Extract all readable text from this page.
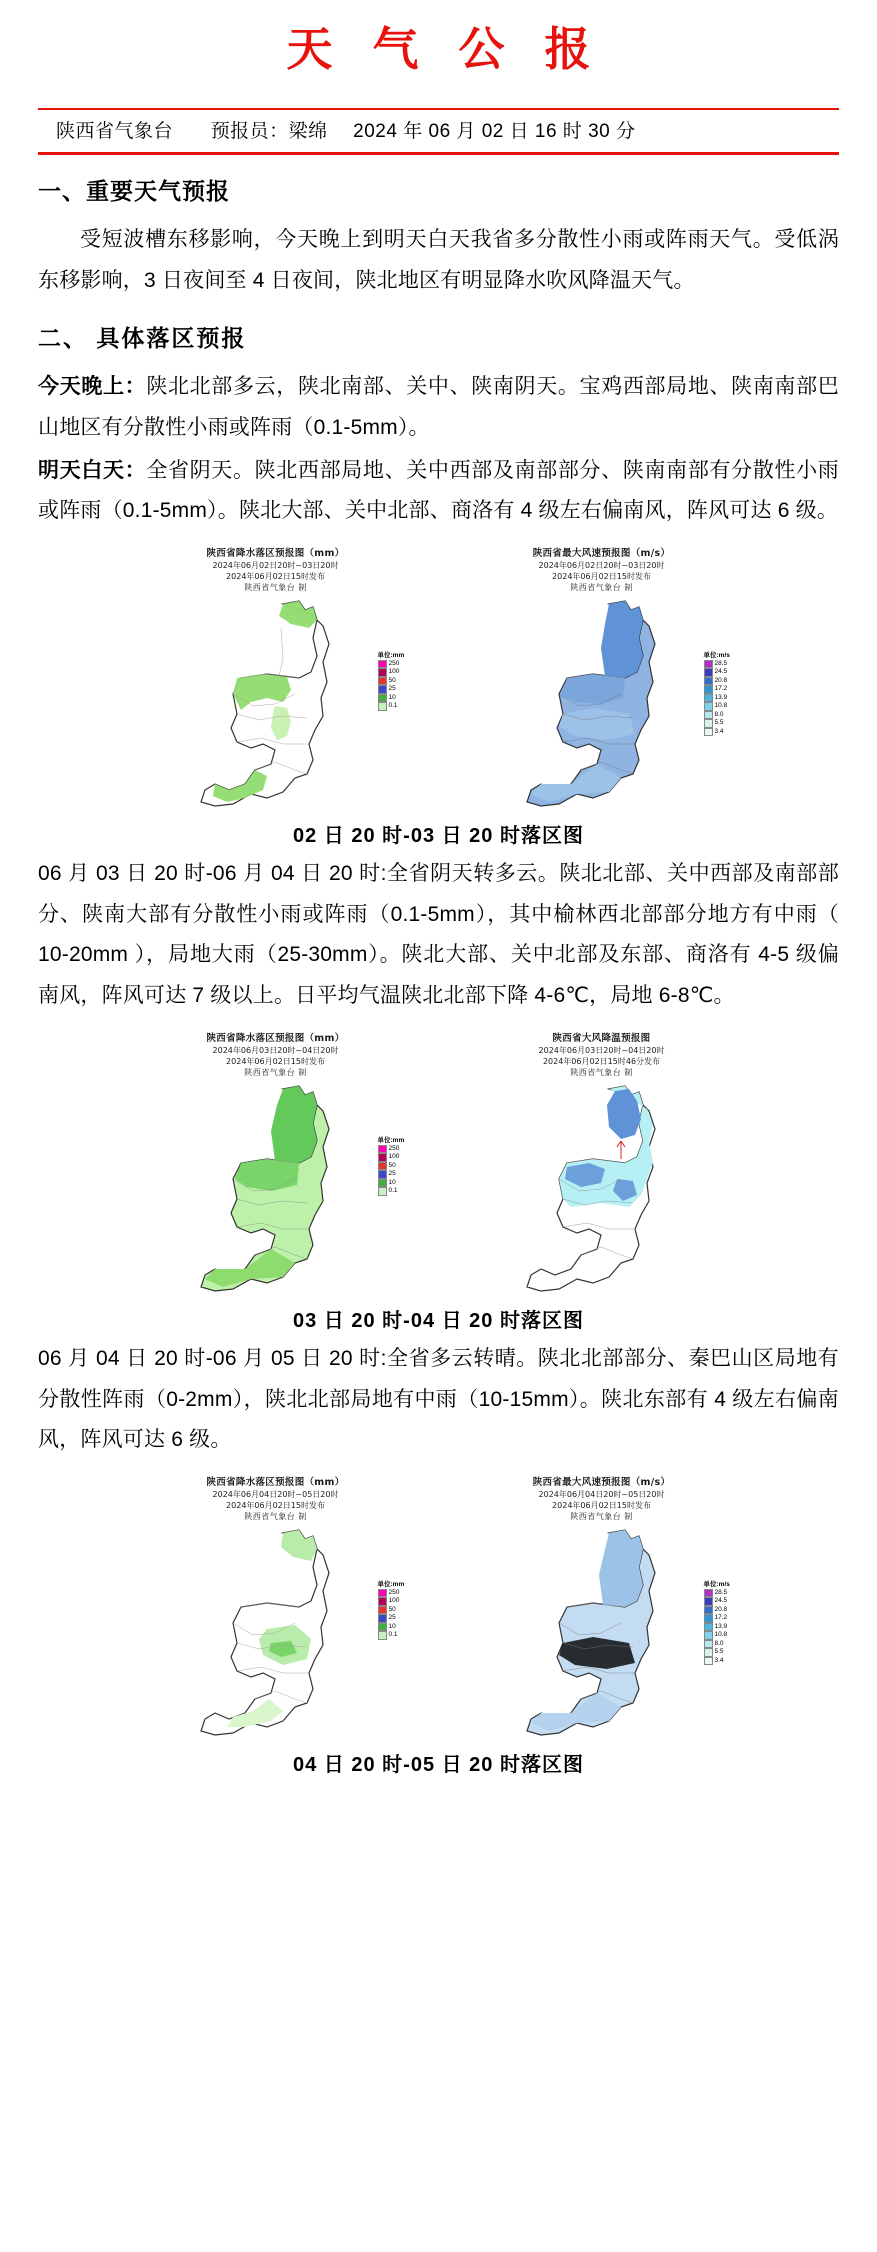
天 气 公 报
陕西省气象台 预报员：梁绵 2024 年 06 月 02 日 16 时 30 分
一、重要天气预报

受短波槽东移影响，今天晚上到明天白天我省多分散性小雨或阵雨天气。受低涡东移影响，3 日夜间至 4 日夜间，陕北地区有明显降水吹风降温天气。

二、 具体落区预报

今天晚上：陕北北部多云，陕北南部、关中、陕南阴天。宝鸡西部局地、陕南南部巴山地区有分散性小雨或阵雨（0.1-5mm）。

明天白天：全省阴天。陕北西部局地、关中西部及南部部分、陕南南部有分散性小雨或阵雨（0.1-5mm）。陕北大部、关中北部、商洛有 4 级左右偏南风，阵风可达 6 级。

陕西省降水落区预报图（mm）
2024年06月02日20时~03日20时
2024年06月02日15时发布
陕西省气象台 制
单位:mm
250
100
50
25
10
0.1
陕西省最大风速预报图（m/s）
2024年06月02日20时~03日20时
2024年06月02日15时发布
陕西省气象台 制
单位:m/s
28.5
24.5
20.8
17.2
13.9
10.8
8.0
5.5
3.4
02 日 20 时-03 日 20 时落区图

06 月 03 日 20 时-06 月 04 日 20 时:全省阴天转多云。陕北北部、关中西部及南部部分、陕南大部有分散性小雨或阵雨（0.1-5mm），其中榆林西北部部分地方有中雨（ 10-20mm ），局地大雨（25-30mm）。陕北大部、关中北部及东部、商洛有 4-5 级偏南风，阵风可达 7 级以上。日平均气温陕北北部下降 4-6℃，局地 6-8℃。

陕西省降水落区预报图（mm）
2024年06月03日20时~04日20时
2024年06月02日15时发布
陕西省气象台 制
单位:mm
250
100
50
25
10
0.1
陕西省大风降温预报图
2024年06月03日20时~04日20时
2024年06月02日15时46分发布
陕西省气象台 制
03 日 20 时-04 日 20 时落区图

06 月 04 日 20 时-06 月 05 日 20 时:全省多云转晴。陕北北部部分、秦巴山区局地有分散性阵雨（0-2mm），陕北北部局地有中雨（10-15mm）。陕北东部有 4 级左右偏南风，阵风可达 6 级。

陕西省降水落区预报图（mm）
2024年06月04日20时~05日20时
2024年06月02日15时发布
陕西省气象台 制
单位:mm
250
100
50
25
10
0.1
陕西省最大风速预报图（m/s）
2024年06月04日20时~05日20时
2024年06月02日15时发布
陕西省气象台 制
单位:m/s
28.5
24.5
20.8
17.2
13.9
10.8
8.0
5.5
3.4
04 日 20 时-05 日 20 时落区图
